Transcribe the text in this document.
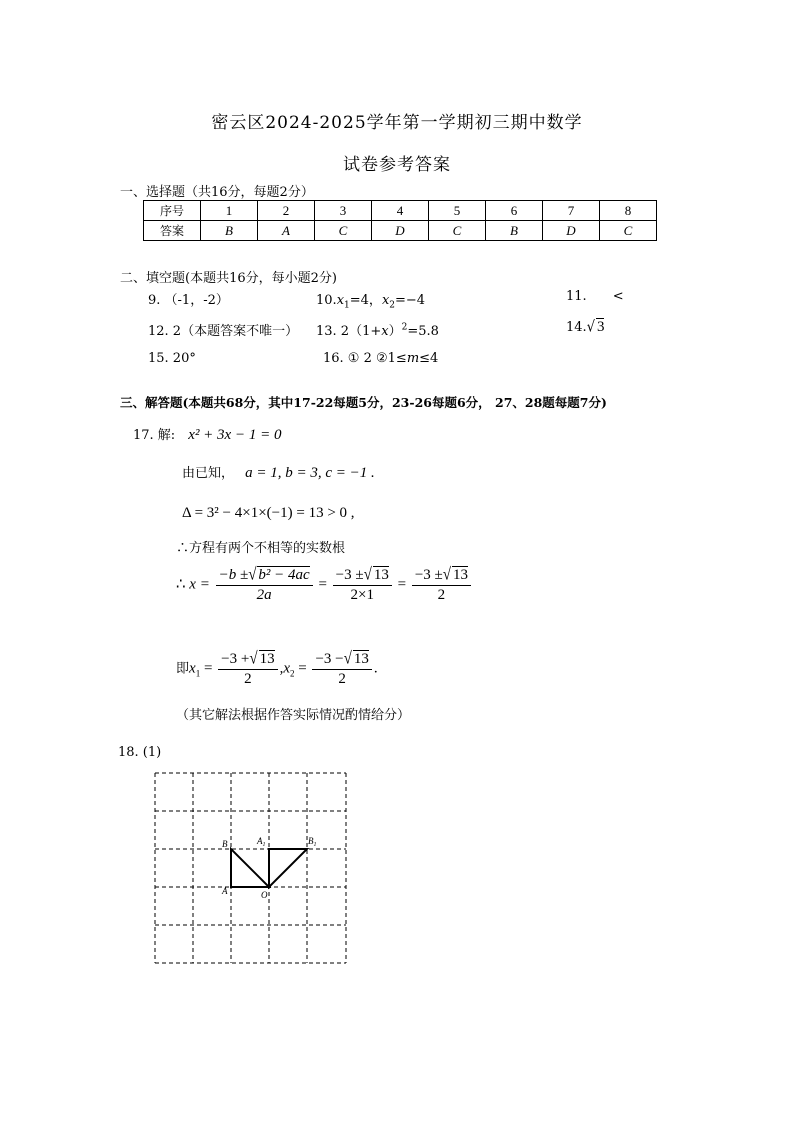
密云区2024-2025学年第一学期初三期中数学
试卷参考答案
一、选择题（共16分，每题2分）
序号	1	2	3	4	5	6	7	8
答案	B	A	C	D	C	B	D	C
二、填空题(本题共16分，每小题2分)
9. （-1，-2）	$10.x_1=4$，$x_2=-4$	11. <
12. 2（本题答案不唯一） 13. $2(1+x)^2=5.8$	14.√ 3
15. 20°	16. ① 2 ②1≤m≤4
三、解答题(本题共68分，其中17-22每题5分，23-26每题6分， 27、28题每题7分)
17. 解: x² + 3x − 1 = 0
由已知， a = 1, b = 3, c = −1 .
Δ = 3² − 4×1×(−1) = 13 > 0 ,
∴方程有两个不相等的实数根
∴ $x = \frac{\text{−b ±√ b² − 4ac}}{2a} = \frac{-3 \pm√ 13}{2\times 1} = \frac{-3 \pm√ 13}{2}$
即$x_1 = \frac{-3 +√ 13}{2} ,x_2 = \frac{-3 -√ 13}{2}$ .
（其它解法根据作答实际情况酌情给分）
18. (1)
B	$A_1$	$B_1$
A	O
